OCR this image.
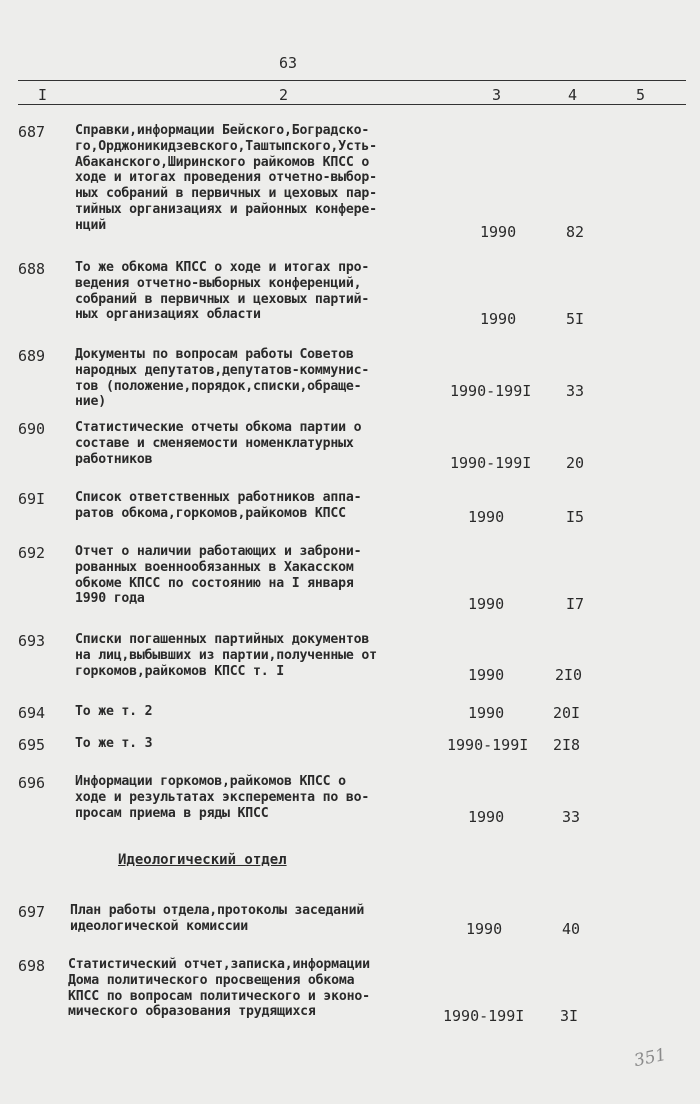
63
I	2	3	4	5
687 Справки,информации Бейского,Боградско-
го,Орджоникидзевского,Таштыпского,Усть-
Абаканского,Ширинского райкомов КПСС о
ходе и итогах проведения отчетно-выбор-
ных собраний в первичных и цеховых пар-
тийных организациях и районных конфере-
нций	1990	82
688 То же обкома КПСС о ходе и итогах про-
ведения отчетно-выборных конференций,
собраний в первичных и цеховых партий-
ных организациях области	1990	5I
689 Документы по вопросам работы Советов
народных депутатов,депутатов-коммунис-
тов (положение,порядок,списки,обраще-
ние)
1990-199I 33
690 Статистические отчеты обкома партии о
составе и сменяемости номенклатурных
работников	1990-199I 20
69I Список ответственных работников аппа-
ратов обкома,горкомов,райкомов КПСС	1990	I5
692 Отчет о наличии работающих и заброни-
рованных военнообязанных в Хакасском
обкоме КПСС по состоянию на I января
1990 года	1990	I7
693 Списки погашенных партийных документов
на лиц,выбывших из партии,полученные от
горкомов,райкомов КПСС т. I	1990	2I0
694 То же т. 2	1990	20I
695 То же т. 3	1990-199I 2I8
696 Информации горкомов,райкомов КПСС о
ходе и результатах эксперемента по во-
просам приема в ряды КПСС	1990	33
Идеологический отдел
697 План работы отдела,протоколы заседаний
идеологической комиссии	1990	40
698 Статистический отчет,записка,информации
Дома политического просвещения обкома
КПСС по вопросам политического и эконо-
мического образования трудящихся	1990-199I 3I
351
